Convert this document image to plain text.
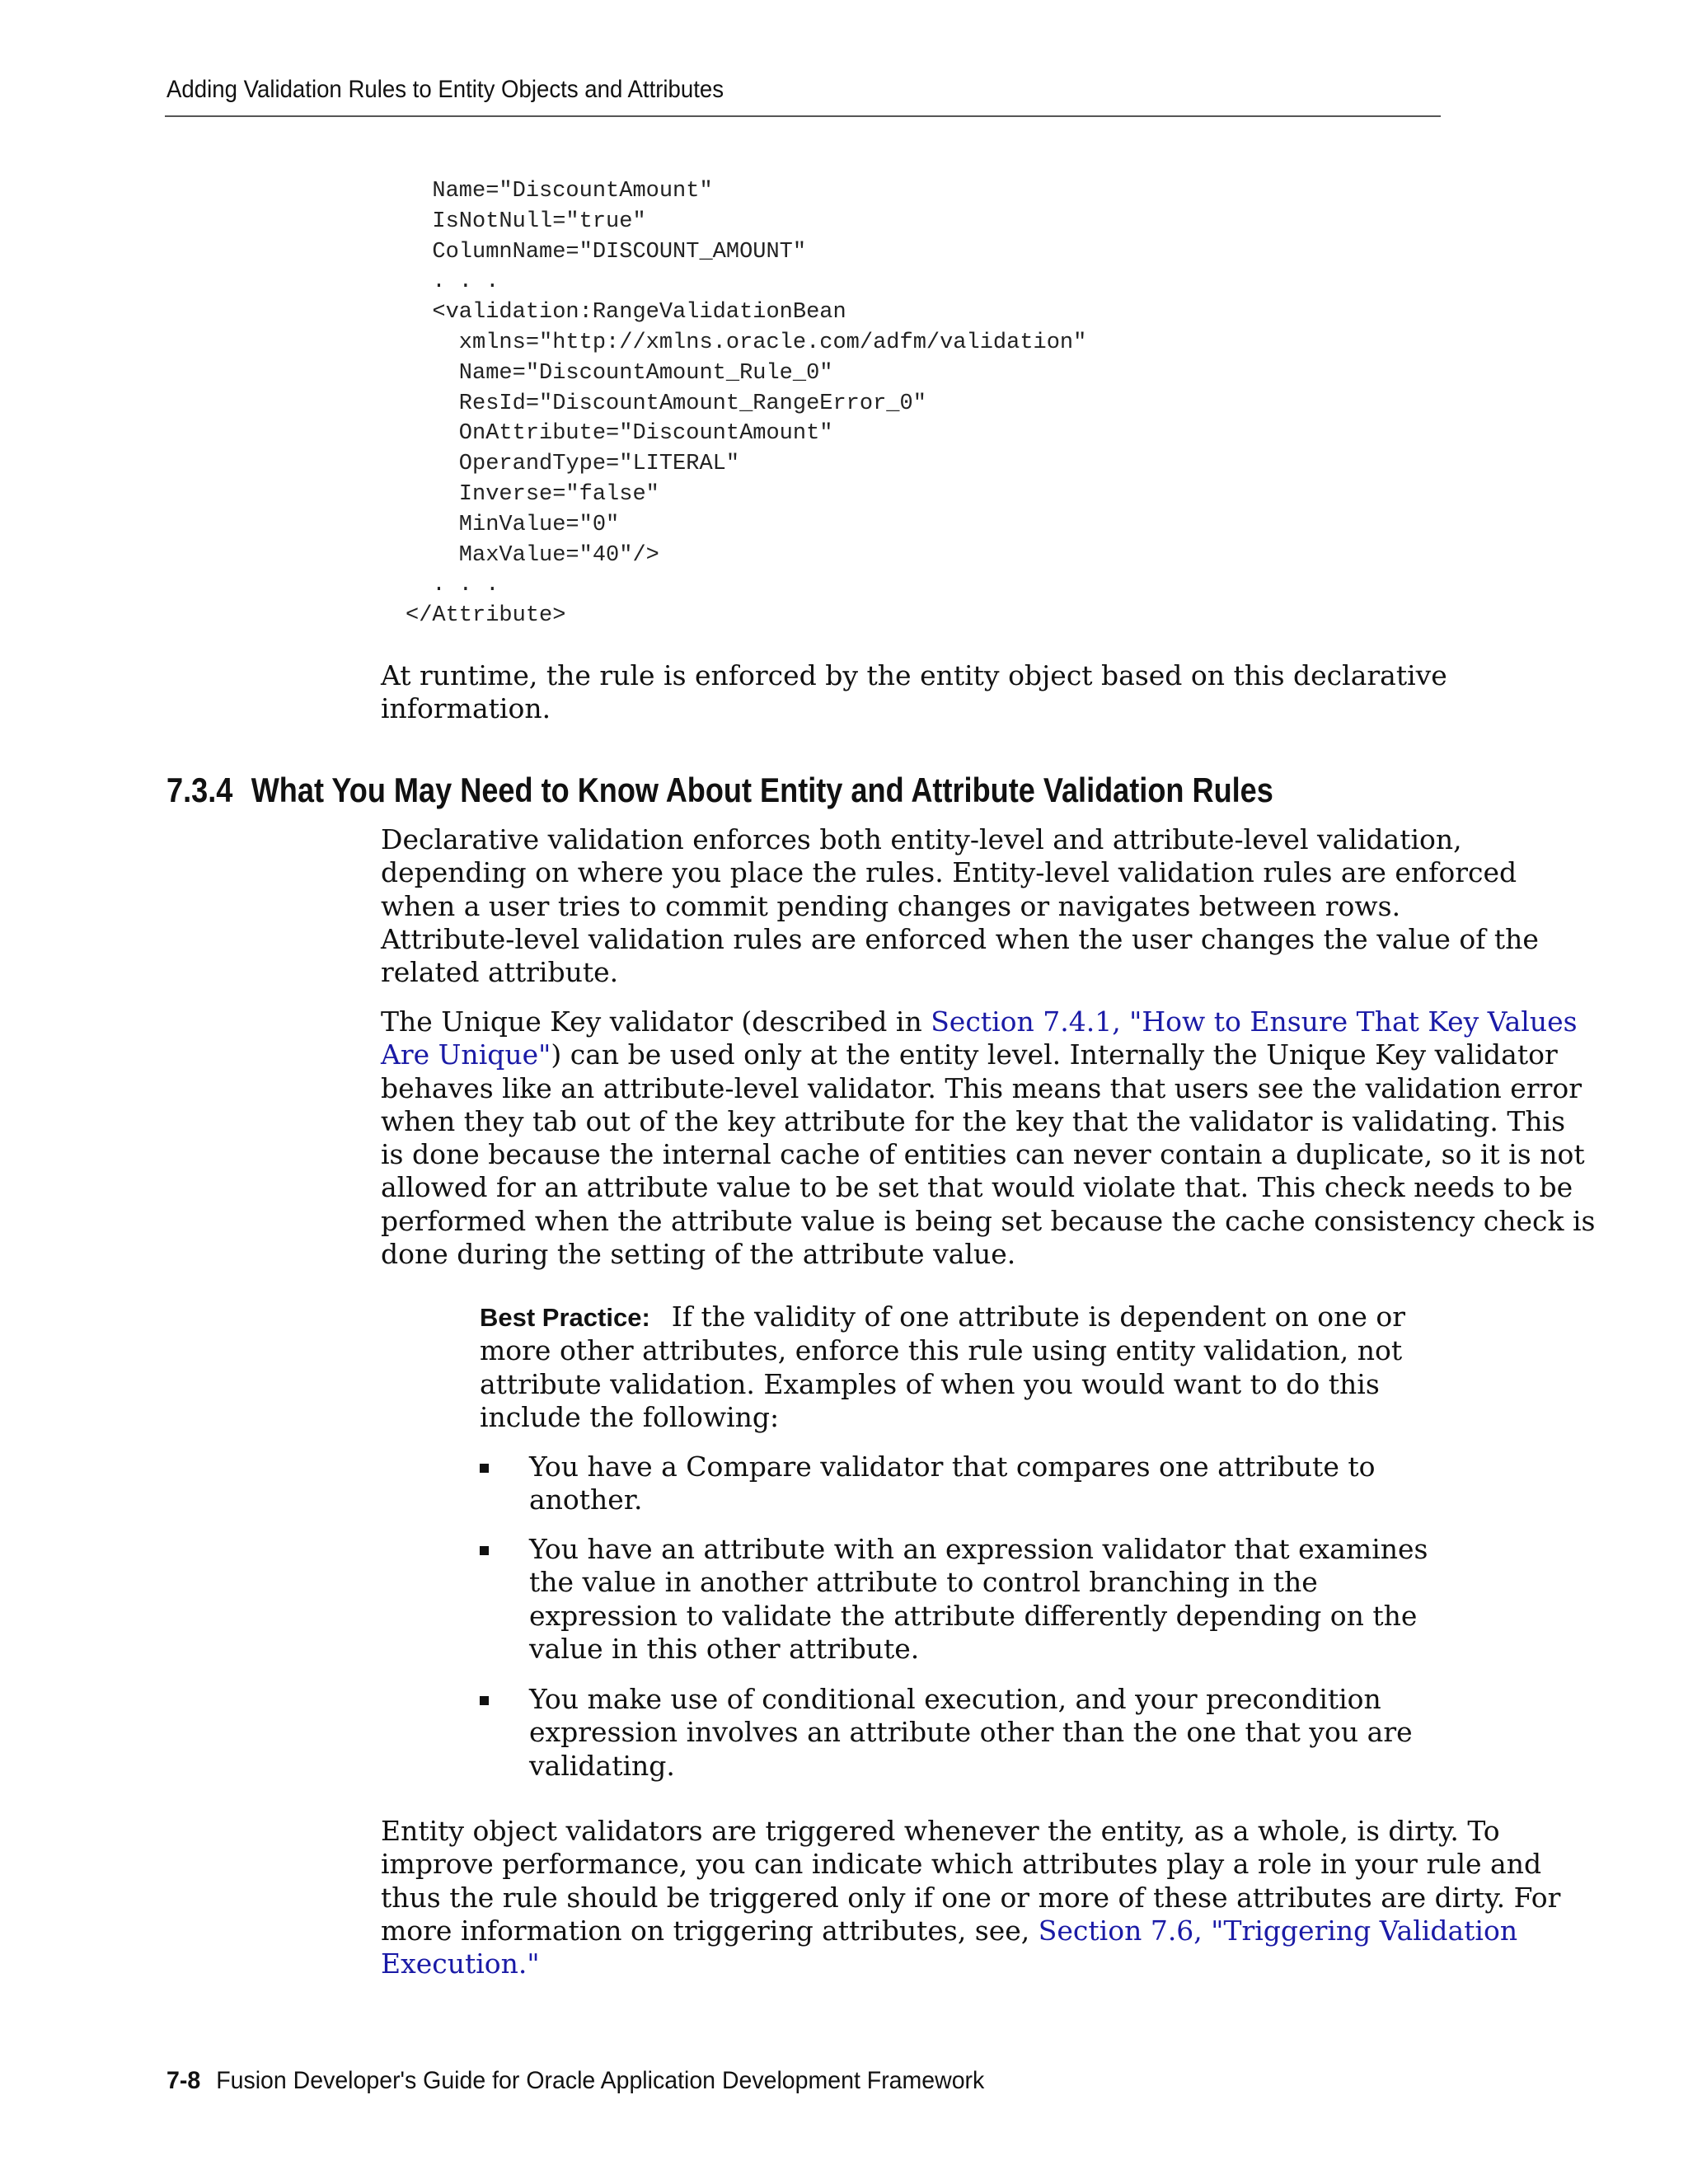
Adding Validation Rules to Entity Objects and Attributes
Name="DiscountAmount"
IsNotNull="true"
ColumnName="DISCOUNT_AMOUNT"
. . .
<validation:RangeValidationBean
xmlns="http://xmlns.oracle.com/adfm/validation"
Name="DiscountAmount_Rule_0"
ResId="DiscountAmount_RangeError_0"
OnAttribute="DiscountAmount"
OperandType="LITERAL"
Inverse="false"
MinValue="0"
MaxValue="40"/>
. . .
</Attribute>

At runtime, the rule is enforced by the entity object based on this declarative
information.

7.3.4 What You May Need to Know About Entity and Attribute Validation Rules

Declarative validation enforces both entity-level and attribute-level validation,
depending on where you place the rules. Entity-level validation rules are enforced
when a user tries to commit pending changes or navigates between rows.
Attribute-level validation rules are enforced when the user changes the value of the
related attribute.

The Unique Key validator (described in Section 7.4.1, "How to Ensure That Key Values
Are Unique") can be used only at the entity level. Internally the Unique Key validator
behaves like an attribute-level validator. This means that users see the validation error
when they tab out of the key attribute for the key that the validator is validating. This
is done because the internal cache of entities can never contain a duplicate, so it is not
allowed for an attribute value to be set that would violate that. This check needs to be
performed when the attribute value is being set because the cache consistency check is
done during the setting of the attribute value.

Best Practice: If the validity of one attribute is dependent on one or
more other attributes, enforce this rule using entity validation, not
attribute validation. Examples of when you would want to do this
include the following:

You have a Compare validator that compares one attribute to
another.
You have an attribute with an expression validator that examines
the value in another attribute to control branching in the
expression to validate the attribute differently depending on the
value in this other attribute.
You make use of conditional execution, and your precondition
expression involves an attribute other than the one that you are
validating.

Entity object validators are triggered whenever the entity, as a whole, is dirty. To
improve performance, you can indicate which attributes play a role in your rule and
thus the rule should be triggered only if one or more of these attributes are dirty. For
more information on triggering attributes, see, Section 7.6, "Triggering Validation
Execution."

7-8 Fusion Developer's Guide for Oracle Application Development Framework
